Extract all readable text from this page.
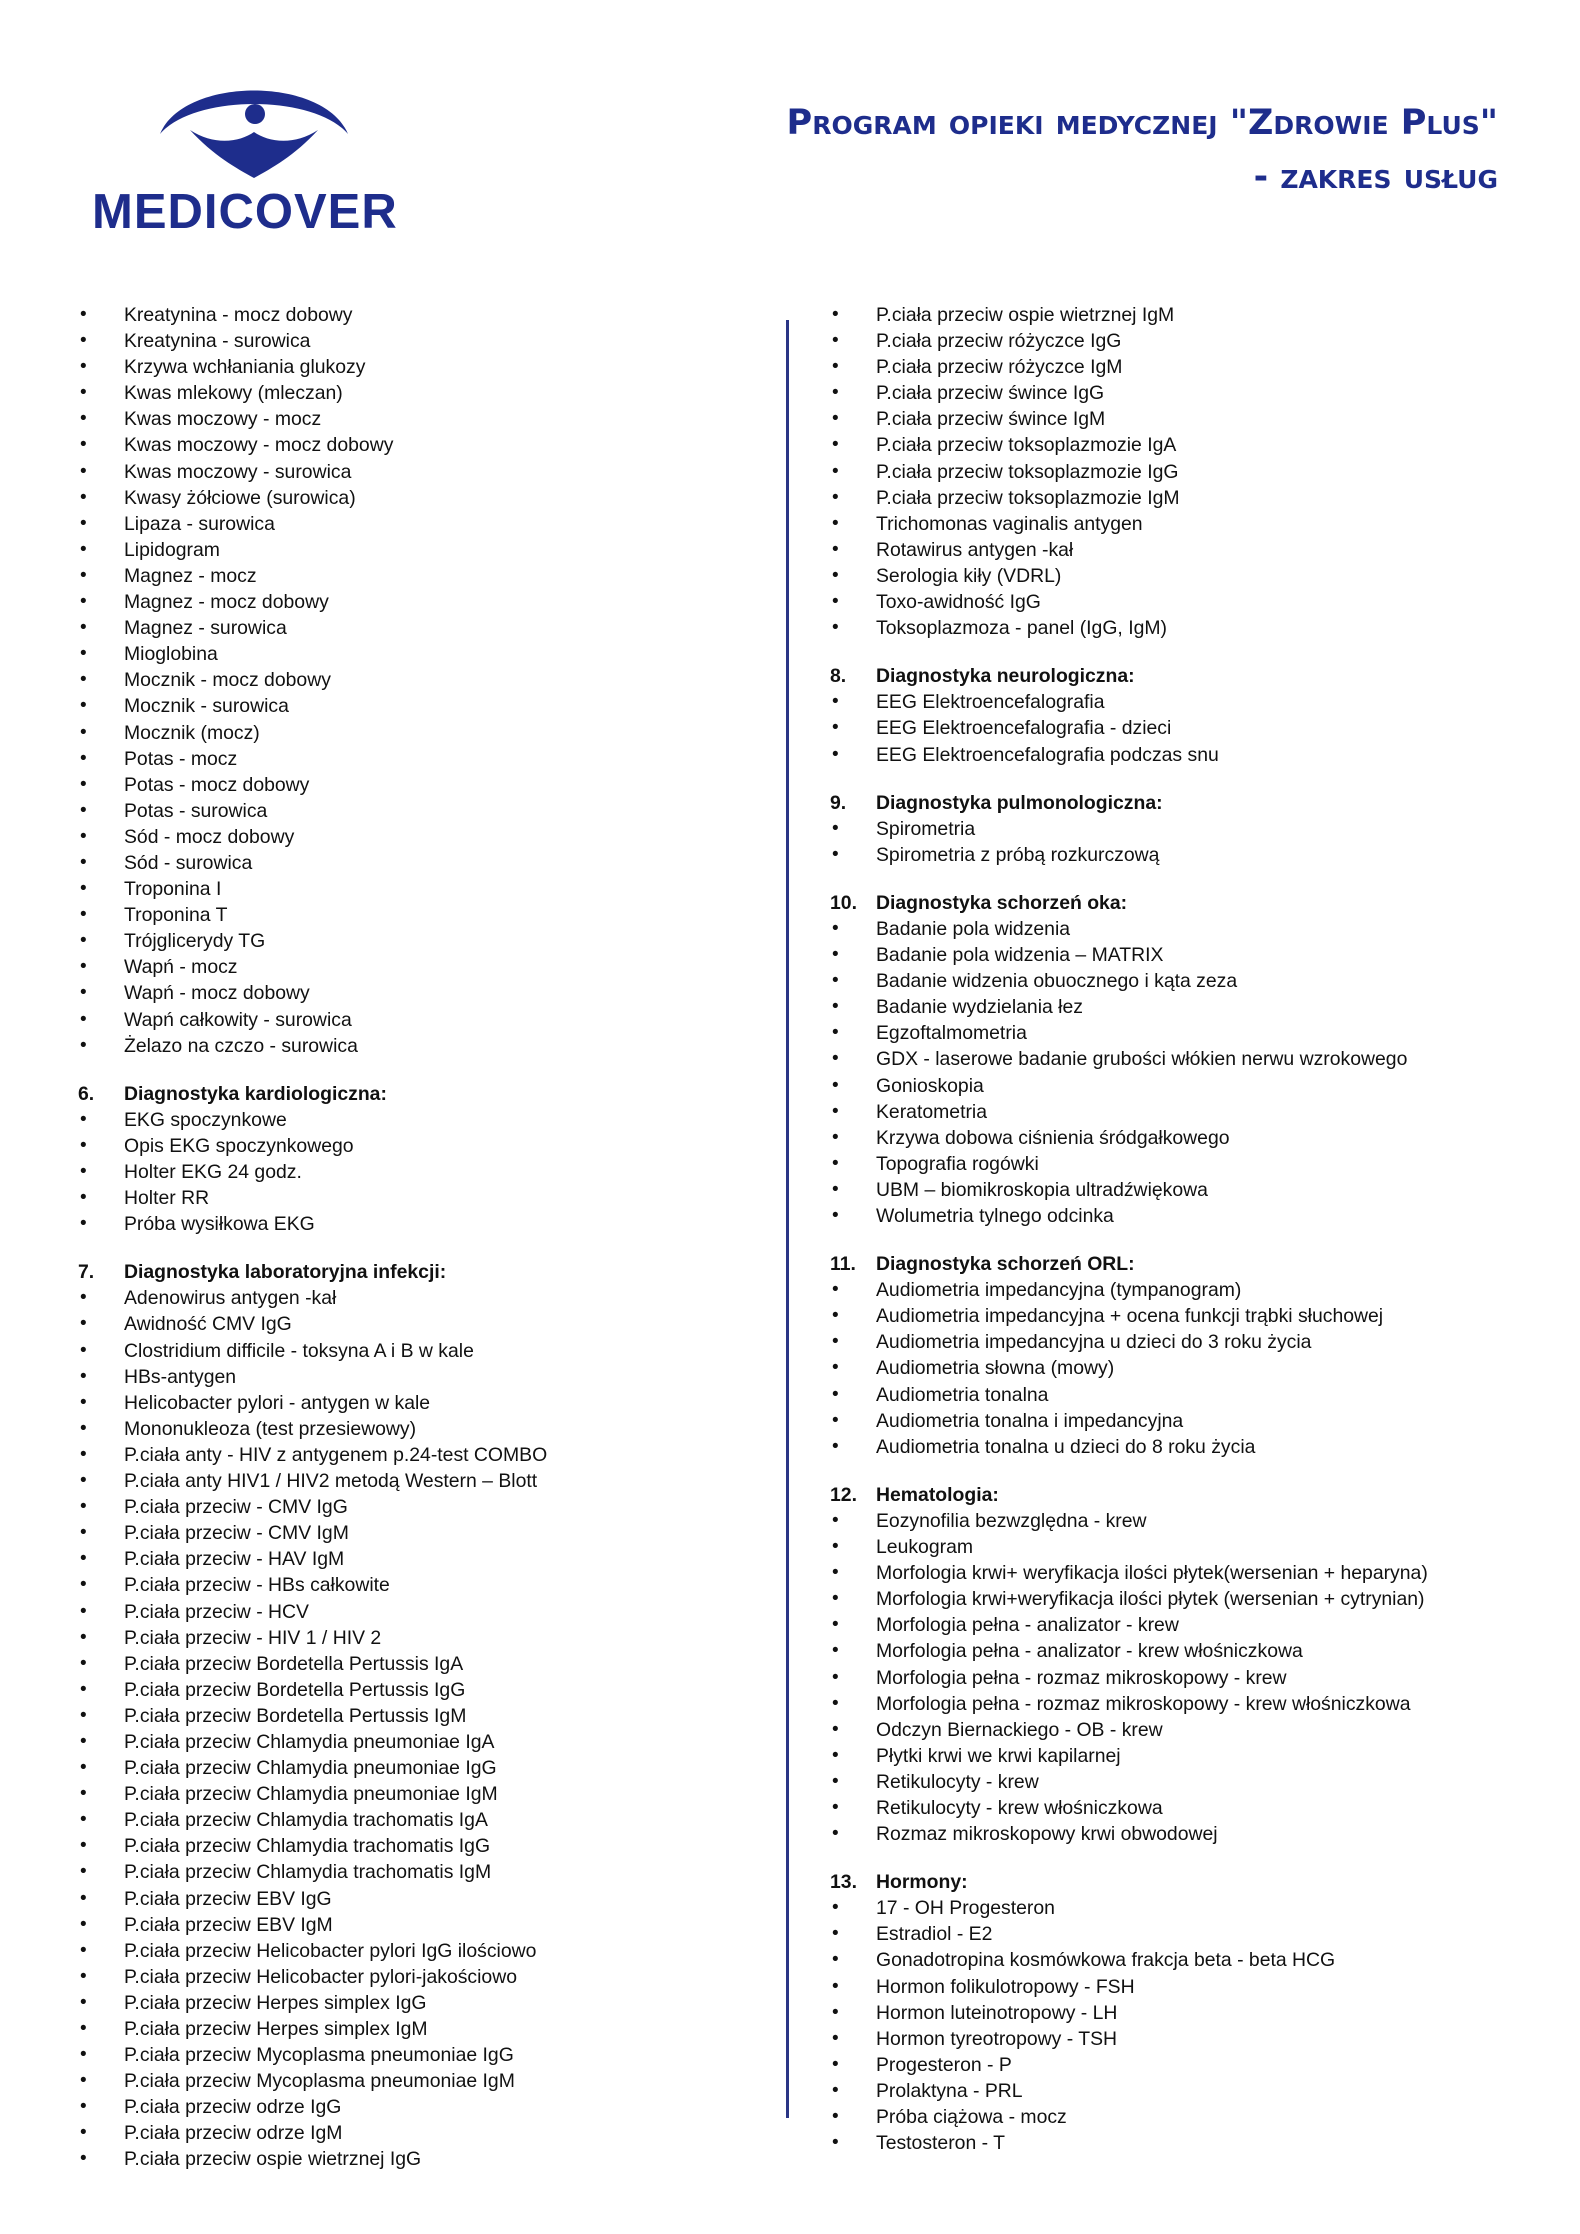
MEDICOVER
Program opieki medycznej "Zdrowie Plus"
- zakres usług
• Kreatynina - mocz dobowy
• Kreatynina - surowica
• Krzywa wchłaniania glukozy
• Kwas mlekowy (mleczan)
• Kwas moczowy - mocz
• Kwas moczowy - mocz dobowy
• Kwas moczowy - surowica
• Kwasy żółciowe (surowica)
• Lipaza - surowica
• Lipidogram
• Magnez - mocz
• Magnez - mocz dobowy
• Magnez - surowica
• Mioglobina
• Mocznik - mocz dobowy
• Mocznik - surowica
• Mocznik (mocz)
• Potas - mocz
• Potas - mocz dobowy
• Potas - surowica
• Sód - mocz dobowy
• Sód - surowica
• Troponina I
• Troponina T
• Trójglicerydy TG
• Wapń - mocz
• Wapń - mocz dobowy
• Wapń całkowity - surowica
• Żelazo na czczo - surowica
6. Diagnostyka kardiologiczna:
• EKG spoczynkowe
• Opis EKG spoczynkowego
• Holter EKG 24 godz.
• Holter RR
• Próba wysiłkowa EKG
7. Diagnostyka laboratoryjna infekcji:
• Adenowirus antygen -kał
• Awidność CMV IgG
• Clostridium difficile - toksyna A i B w kale
• HBs-antygen
• Helicobacter pylori - antygen w kale
• Mononukleoza (test przesiewowy)
• P.ciała anty - HIV z antygenem p.24-test COMBO
• P.ciała anty HIV1 / HIV2 metodą Western – Blott
• P.ciała przeciw - CMV IgG
• P.ciała przeciw - CMV IgM
• P.ciała przeciw - HAV IgM
• P.ciała przeciw - HBs całkowite
• P.ciała przeciw - HCV
• P.ciała przeciw - HIV 1 / HIV 2
• P.ciała przeciw Bordetella Pertussis IgA
• P.ciała przeciw Bordetella Pertussis IgG
• P.ciała przeciw Bordetella Pertussis IgM
• P.ciała przeciw Chlamydia pneumoniae IgA
• P.ciała przeciw Chlamydia pneumoniae IgG
• P.ciała przeciw Chlamydia pneumoniae IgM
• P.ciała przeciw Chlamydia trachomatis IgA
• P.ciała przeciw Chlamydia trachomatis IgG
• P.ciała przeciw Chlamydia trachomatis IgM
• P.ciała przeciw EBV IgG
• P.ciała przeciw EBV IgM
• P.ciała przeciw Helicobacter pylori IgG ilościowo
• P.ciała przeciw Helicobacter pylori-jakościowo
• P.ciała przeciw Herpes simplex IgG
• P.ciała przeciw Herpes simplex IgM
• P.ciała przeciw Mycoplasma pneumoniae IgG
• P.ciała przeciw Mycoplasma pneumoniae IgM
• P.ciała przeciw odrze IgG
• P.ciała przeciw odrze IgM
• P.ciała przeciw ospie wietrznej IgG
• P.ciała przeciw ospie wietrznej IgM
• P.ciała przeciw różyczce IgG
• P.ciała przeciw różyczce IgM
• P.ciała przeciw śwince IgG
• P.ciała przeciw śwince IgM
• P.ciała przeciw toksoplazmozie IgA
• P.ciała przeciw toksoplazmozie IgG
• P.ciała przeciw toksoplazmozie IgM
• Trichomonas vaginalis antygen
• Rotawirus antygen -kał
• Serologia kiły (VDRL)
• Toxo-awidność IgG
• Toksoplazmoza - panel (IgG, IgM)
8. Diagnostyka neurologiczna:
• EEG Elektroencefalografia
• EEG Elektroencefalografia - dzieci
• EEG Elektroencefalografia podczas snu
9. Diagnostyka pulmonologiczna:
• Spirometria
• Spirometria z próbą rozkurczową
10. Diagnostyka schorzeń oka:
• Badanie pola widzenia
• Badanie pola widzenia – MATRIX
• Badanie widzenia obuocznego i kąta zeza
• Badanie wydzielania łez
• Egzoftalmometria
• GDX - laserowe badanie grubości włókien nerwu wzrokowego
• Gonioskopia
• Keratometria
• Krzywa dobowa ciśnienia śródgałkowego
• Topografia rogówki
• UBM – biomikroskopia ultradźwiękowa
• Wolumetria tylnego odcinka
11. Diagnostyka schorzeń ORL:
• Audiometria impedancyjna (tympanogram)
• Audiometria impedancyjna + ocena funkcji trąbki słuchowej
• Audiometria impedancyjna u dzieci do 3 roku życia
• Audiometria słowna (mowy)
• Audiometria tonalna
• Audiometria tonalna i impedancyjna
• Audiometria tonalna u dzieci do 8 roku życia
12. Hematologia:
• Eozynofilia bezwzględna - krew
• Leukogram
• Morfologia krwi+ weryfikacja ilości płytek(wersenian + heparyna)
• Morfologia krwi+weryfikacja ilości płytek (wersenian + cytrynian)
• Morfologia pełna - analizator - krew
• Morfologia pełna - analizator - krew włośniczkowa
• Morfologia pełna - rozmaz mikroskopowy - krew
• Morfologia pełna - rozmaz mikroskopowy - krew włośniczkowa
• Odczyn Biernackiego - OB - krew
• Płytki krwi we krwi kapilarnej
• Retikulocyty - krew
• Retikulocyty - krew włośniczkowa
• Rozmaz mikroskopowy krwi obwodowej
13. Hormony:
• 17 - OH Progesteron
• Estradiol - E2
• Gonadotropina kosmówkowa frakcja beta - beta HCG
• Hormon folikulotropowy - FSH
• Hormon luteinotropowy - LH
• Hormon tyreotropowy - TSH
• Progesteron - P
• Prolaktyna - PRL
• Próba ciążowa - mocz
• Testosteron - T
